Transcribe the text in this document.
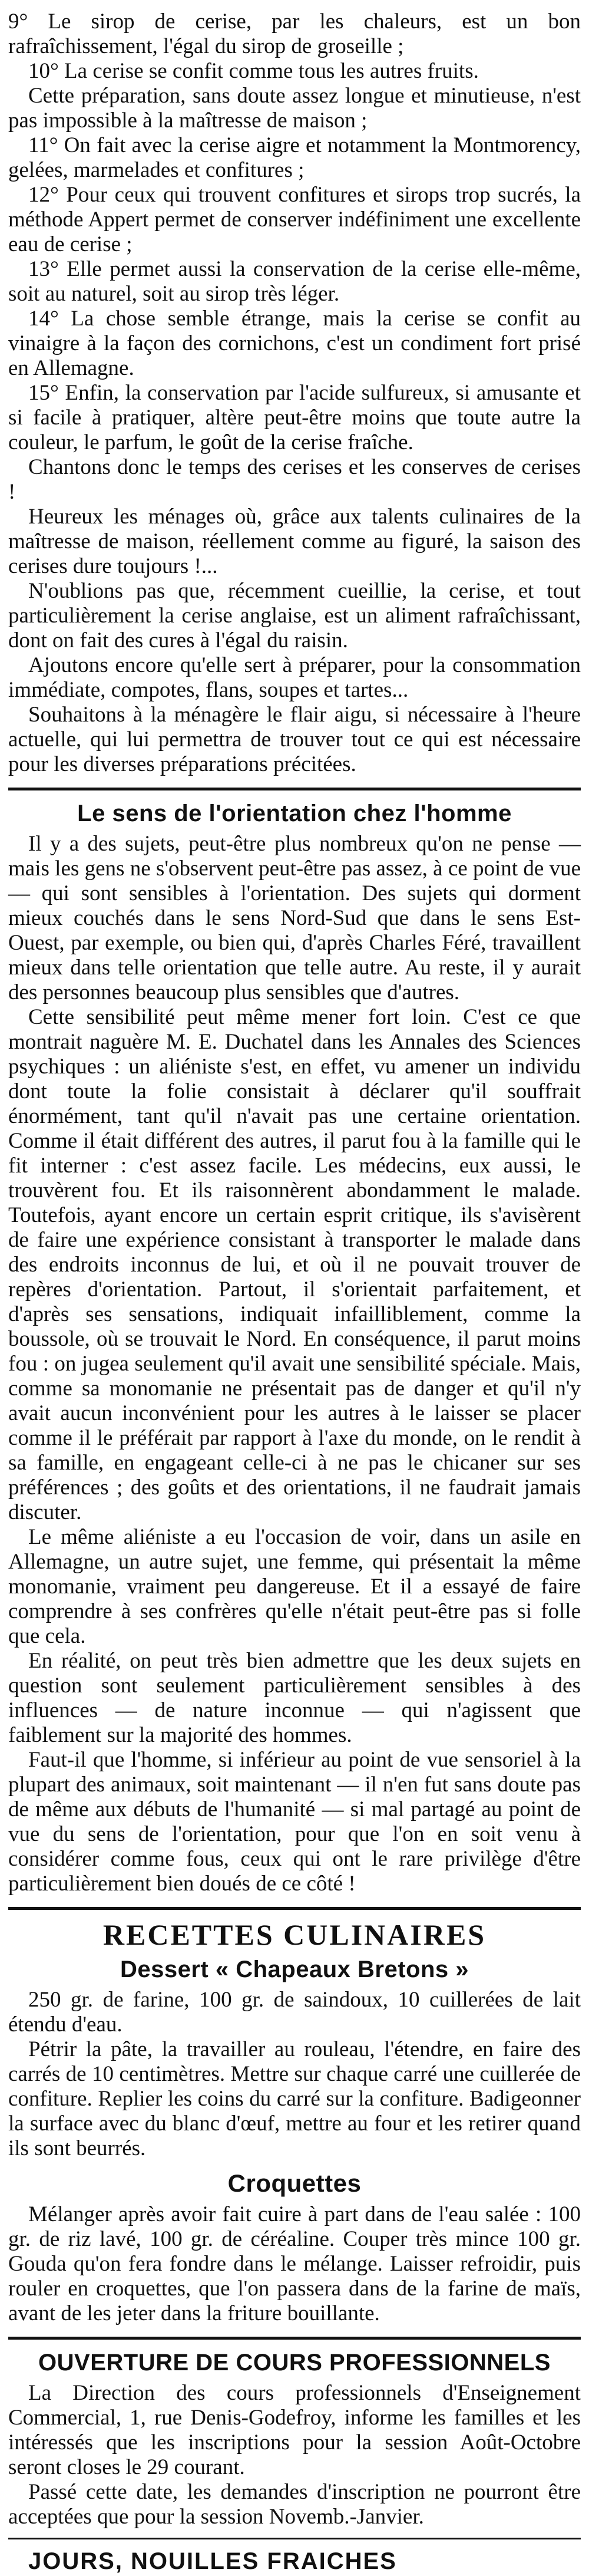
9° Le sirop de cerise, par les chaleurs, est un bon rafraîchissement, l'égal du sirop de groseille ;

10° La cerise se confit comme tous les autres fruits.

Cette préparation, sans doute assez longue et minutieuse, n'est pas impossible à la maîtresse de maison ;

11° On fait avec la cerise aigre et notamment la Montmorency, gelées, marmelades et confitures ;

12° Pour ceux qui trouvent confitures et sirops trop sucrés, la méthode Appert permet de conserver indéfiniment une excellente eau de cerise ;

13° Elle permet aussi la conservation de la cerise elle-même, soit au naturel, soit au sirop très léger.

14° La chose semble étrange, mais la cerise se confit au vinaigre à la façon des cornichons, c'est un condiment fort prisé en Allemagne.

15° Enfin, la conservation par l'acide sulfureux, si amusante et si facile à pratiquer, altère peut-être moins que toute autre la couleur, le parfum, le goût de la cerise fraîche.

Chantons donc le temps des cerises et les conserves de cerises !

Heureux les ménages où, grâce aux talents culinaires de la maîtresse de maison, réellement comme au figuré, la saison des cerises dure toujours !...

N'oublions pas que, récemment cueillie, la cerise, et tout particulièrement la cerise anglaise, est un aliment rafraîchissant, dont on fait des cures à l'égal du raisin.

Ajoutons encore qu'elle sert à préparer, pour la consommation immédiate, compotes, flans, soupes et tartes...

Souhaitons à la ménagère le flair aigu, si nécessaire à l'heure actuelle, qui lui permettra de trouver tout ce qui est nécessaire pour les diverses préparations précitées.

Le sens de l'orientation chez l'homme

Il y a des sujets, peut-être plus nombreux qu'on ne pense — mais les gens ne s'observent peut-être pas assez, à ce point de vue — qui sont sensibles à l'orientation. Des sujets qui dorment mieux couchés dans le sens Nord-Sud que dans le sens Est-Ouest, par exemple, ou bien qui, d'après Charles Féré, travaillent mieux dans telle orientation que telle autre. Au reste, il y aurait des personnes beaucoup plus sensibles que d'autres.

Cette sensibilité peut même mener fort loin. C'est ce que montrait naguère M. E. Duchatel dans les Annales des Sciences psychiques : un aliéniste s'est, en effet, vu amener un individu dont toute la folie consistait à déclarer qu'il souffrait énormément, tant qu'il n'avait pas une certaine orientation. Comme il était différent des autres, il parut fou à la famille qui le fit interner : c'est assez facile. Les médecins, eux aussi, le trouvèrent fou. Et ils raisonnèrent abondamment le malade. Toutefois, ayant encore un certain esprit critique, ils s'avisèrent de faire une expérience consistant à transporter le malade dans des endroits inconnus de lui, et où il ne pouvait trouver de repères d'orientation. Partout, il s'orientait parfaitement, et d'après ses sensations, indiquait infailliblement, comme la boussole, où se trouvait le Nord. En conséquence, il parut moins fou : on jugea seulement qu'il avait une sensibilité spéciale. Mais, comme sa monomanie ne présentait pas de danger et qu'il n'y avait aucun inconvénient pour les autres à le laisser se placer comme il le préférait par rapport à l'axe du monde, on le rendit à sa famille, en engageant celle-ci à ne pas le chicaner sur ses préférences ; des goûts et des orientations, il ne faudrait jamais discuter.

Le même aliéniste a eu l'occasion de voir, dans un asile en Allemagne, un autre sujet, une femme, qui présentait la même monomanie, vraiment peu dangereuse. Et il a essayé de faire comprendre à ses confrères qu'elle n'était peut-être pas si folle que cela.

En réalité, on peut très bien admettre que les deux sujets en question sont seulement particulièrement sensibles à des influences — de nature inconnue — qui n'agissent que faiblement sur la majorité des hommes.

Faut-il que l'homme, si inférieur au point de vue sensoriel à la plupart des animaux, soit maintenant — il n'en fut sans doute pas de même aux débuts de l'humanité — si mal partagé au point de vue du sens de l'orientation, pour que l'on en soit venu à considérer comme fous, ceux qui ont le rare privilège d'être particulièrement bien doués de ce côté !

RECETTES CULINAIRES
Dessert « Chapeaux Bretons »

250 gr. de farine, 100 gr. de saindoux, 10 cuillerées de lait étendu d'eau.

Pétrir la pâte, la travailler au rouleau, l'étendre, en faire des carrés de 10 centimètres. Mettre sur chaque carré une cuillerée de confiture. Replier les coins du carré sur la confiture. Badigeonner la surface avec du blanc d'œuf, mettre au four et les retirer quand ils sont beurrés.

Croquettes

Mélanger après avoir fait cuire à part dans de l'eau salée : 100 gr. de riz lavé, 100 gr. de céréaline. Couper très mince 100 gr. Gouda qu'on fera fondre dans le mélange. Laisser refroidir, puis rouler en croquettes, que l'on passera dans de la farine de maïs, avant de les jeter dans la friture bouillante.

OUVERTURE DE COURS PROFESSIONNELS

La Direction des cours professionnels d'Enseignement Commercial, 1, rue Denis-Godefroy, informe les familles et les intéressés que les inscriptions pour la session Août-Octobre seront closes le 29 courant.

Passé cette date, les demandes d'inscription ne pourront être acceptées que pour la session Novemb.-Janvier.

JOURS, NOUILLES FRAICHES
